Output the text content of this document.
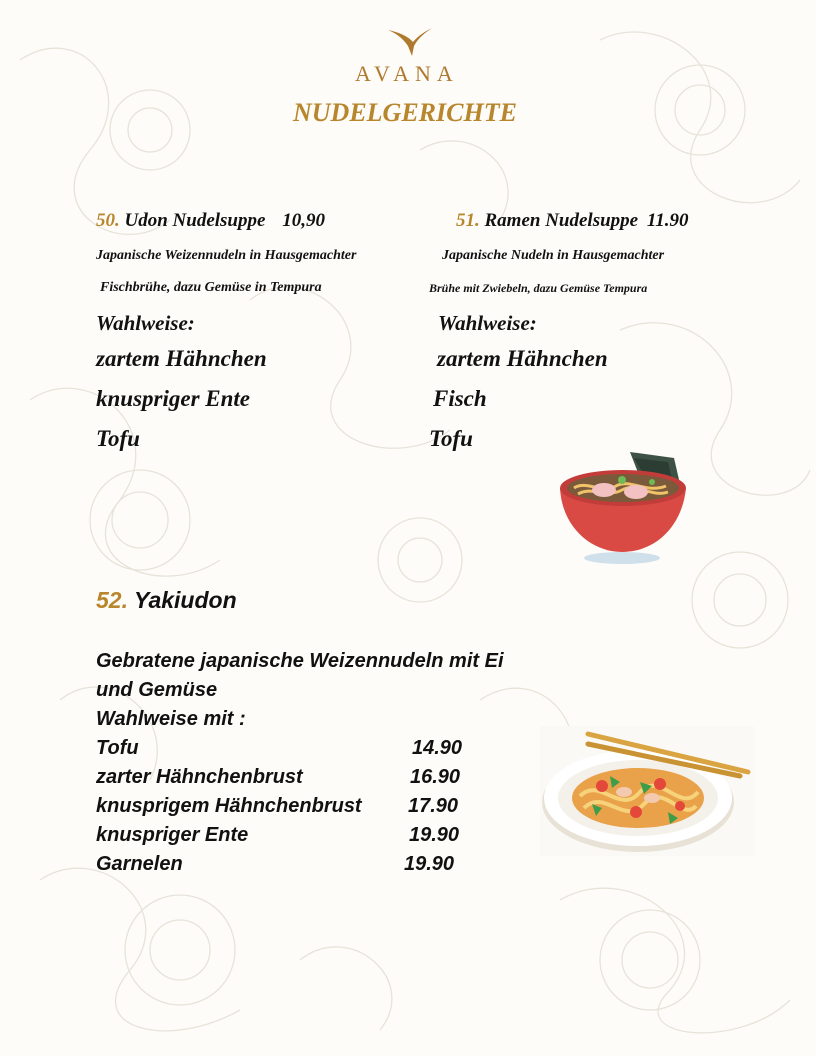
AVANA
NUDELGERICHTE
50. Udon Nudelsuppe 10,90
Japanische Weizennudeln in Hausgemachter
Fischbrühe, dazu Gemüse in Tempura
Wahlweise:
zartem Hähnchen
knuspriger Ente
Tofu
51. Ramen Nudelsuppe 11.90
Japanische Nudeln in Hausgemachter
Brühe mit Zwiebeln, dazu Gemüse Tempura
Wahlweise:
zartem Hähnchen
Fisch
Tofu
52. Yakiudon
Gebratene japanische Weizennudeln mit Ei
und Gemüse
Wahlweise mit :
Tofu	14.90
zarter Hähnchenbrust	16.90
knusprigem Hähnchenbrust 17.90
knuspriger Ente	19.90
Garnelen	19.90
